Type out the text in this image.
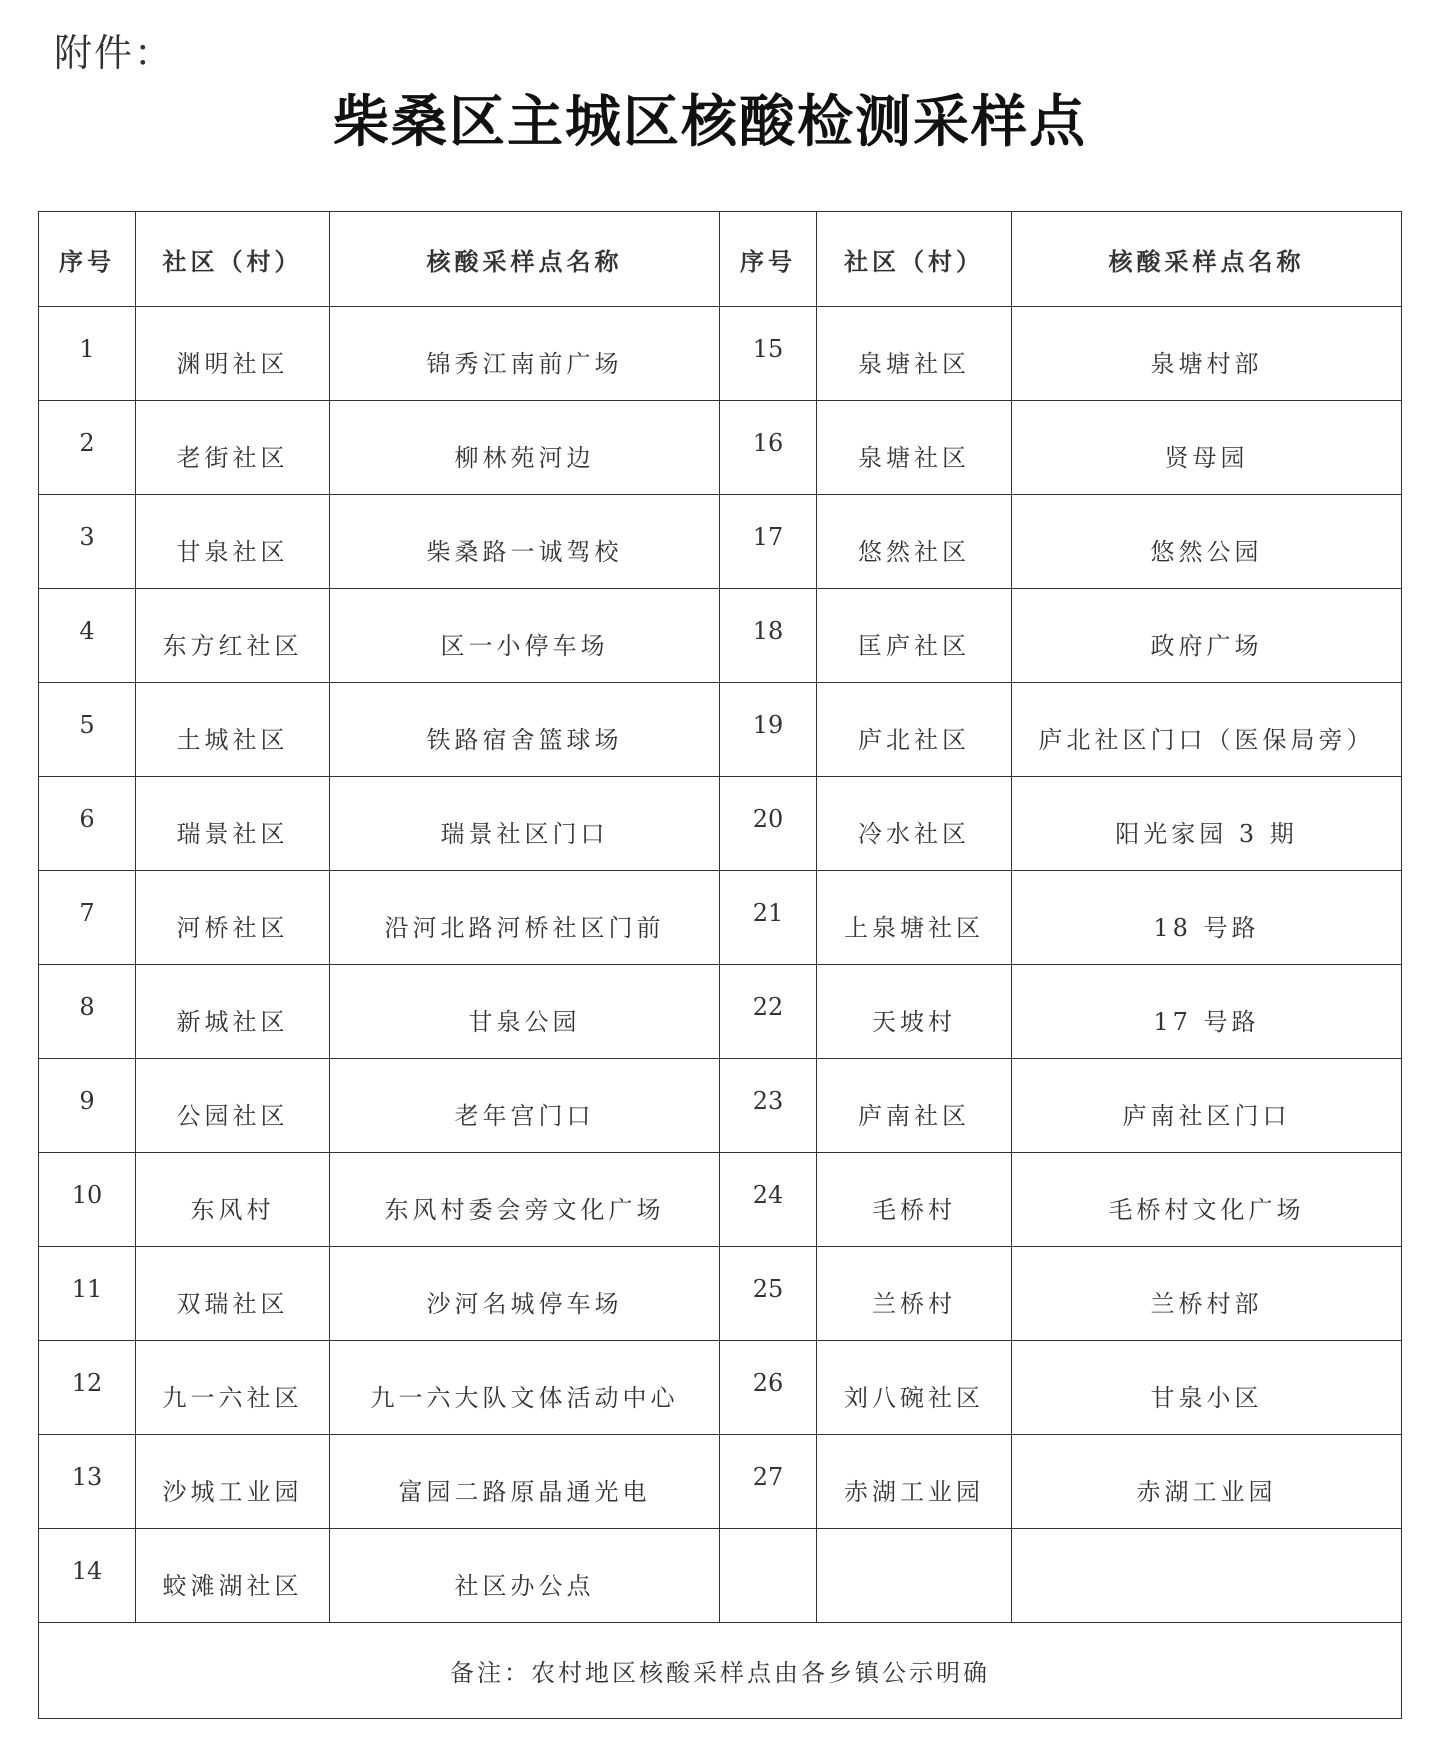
附件：
柴桑区主城区核酸检测采样点
序号	社区（村）	核酸采样点名称	序号	社区（村）	核酸采样点名称
1	渊明社区	锦秀江南前广场	15	泉塘社区	泉塘村部
2	老街社区	柳林苑河边	16	泉塘社区	贤母园
3	甘泉社区	柴桑路一诚驾校	17	悠然社区	悠然公园
4	东方红社区	区一小停车场	18	匡庐社区	政府广场
5	土城社区	铁路宿舍篮球场	19	庐北社区	庐北社区门口（医保局旁）
6	瑞景社区	瑞景社区门口	20	冷水社区	阳光家园 3 期
7	河桥社区	沿河北路河桥社区门前	21	上泉塘社区	18 号路
8	新城社区	甘泉公园	22	天坡村	17 号路
9	公园社区	老年宫门口	23	庐南社区	庐南社区门口
10	东风村	东风村委会旁文化广场	24	毛桥村	毛桥村文化广场
11	双瑞社区	沙河名城停车场	25	兰桥村	兰桥村部
12	九一六社区	九一六大队文体活动中心	26	刘八碗社区	甘泉小区
13	沙城工业园	富园二路原晶通光电	27	赤湖工业园	赤湖工业园
14	蛟滩湖社区	社区办公点			
备注：农村地区核酸采样点由各乡镇公示明确					
